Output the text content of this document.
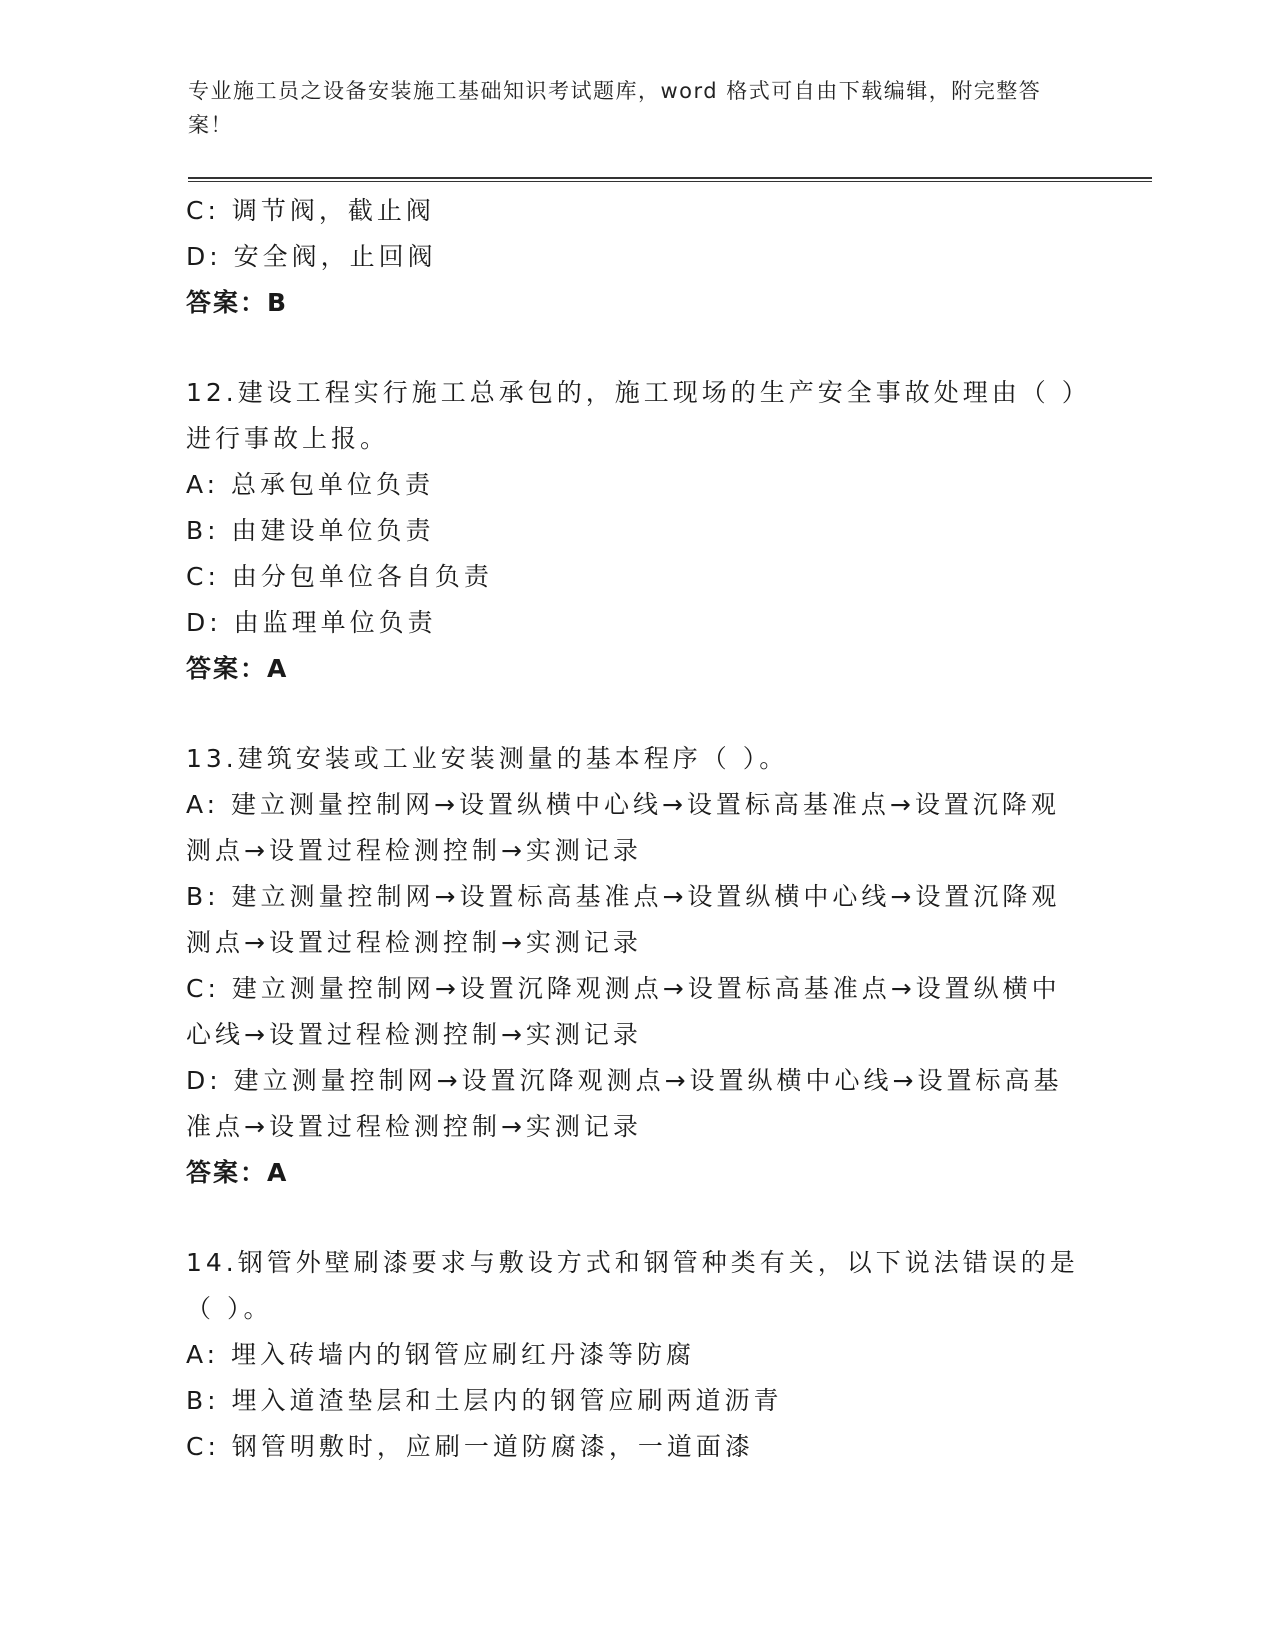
专业施工员之设备安装施工基础知识考试题库，word 格式可自由下载编辑，附完整答案！

C: 调节阀，截止阀

D: 安全阀，止回阀

答案：B

12.建设工程实行施工总承包的，施工现场的生产安全事故处理由（ ）进行事故上报。

A: 总承包单位负责

B: 由建设单位负责

C: 由分包单位各自负责

D: 由监理单位负责

答案：A

13.建筑安装或工业安装测量的基本程序（ ）。

A: 建立测量控制网→设置纵横中心线→设置标高基准点→设置沉降观测点→设置过程检测控制→实测记录

B: 建立测量控制网→设置标高基准点→设置纵横中心线→设置沉降观测点→设置过程检测控制→实测记录

C: 建立测量控制网→设置沉降观测点→设置标高基准点→设置纵横中心线→设置过程检测控制→实测记录

D: 建立测量控制网→设置沉降观测点→设置纵横中心线→设置标高基准点→设置过程检测控制→实测记录

答案：A

14.钢管外壁刷漆要求与敷设方式和钢管种类有关，以下说法错误的是（ ）。

A: 埋入砖墙内的钢管应刷红丹漆等防腐

B: 埋入道渣垫层和土层内的钢管应刷两道沥青

C: 钢管明敷时，应刷一道防腐漆，一道面漆
